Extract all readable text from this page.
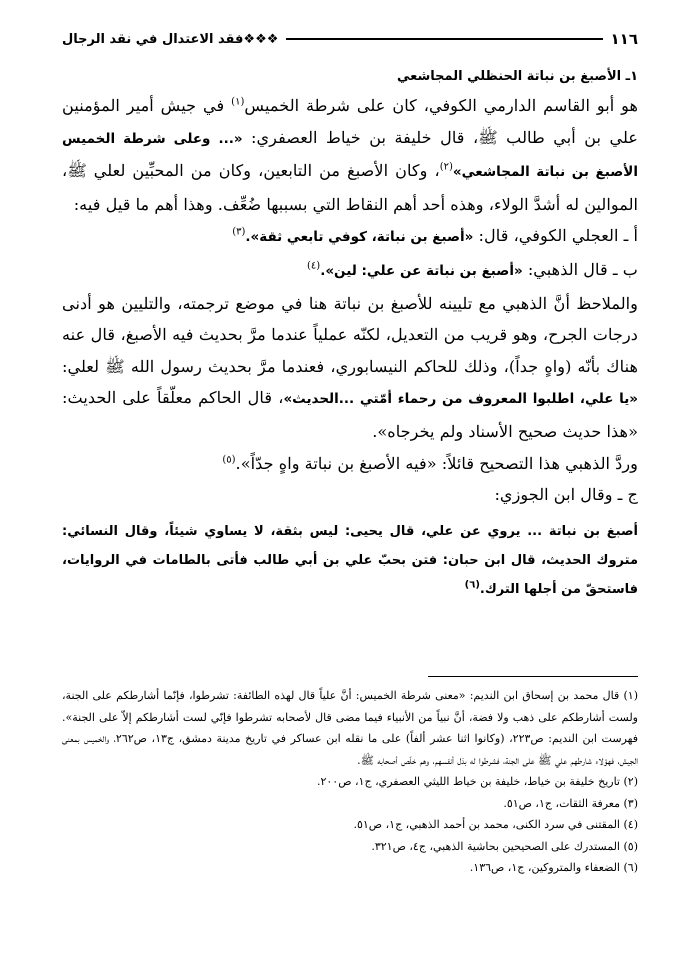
١١٦
❖❖❖فقد الاعتدال في نقد الرجال

١ـ الأصبغ بن نباتة الحنظلي المجاشعي

هو أبو القاسم الدارمي الكوفي، كان على شرطة الخميس$^{(١)}$ في جيش أمير المؤمنين علي بن أبي طالب ﷺ، قال خليفة بن خياط العصفري: «... وعلى شرطة الخميس الأصبغ بن نباتة المجاشعي»$^{(٢)}$، وكان الأصبغ من التابعين، وكان من المحبِّين لعلي ﷺ، الموالين له أشدَّ الولاء، وهذه أحد أهم النقاط التي بسببها ضُعِّف. وهذا أهم ما قيل فيه:

أ ـ العجلي الكوفي، قال: «أصبغ بن نباتة، كوفي تابعي ثقة».$^{(٣)}$

ب ـ قال الذهبي: «أصبغ بن نباتة عن علي: لين».$^{(٤)}$

والملاحظ أنَّ الذهبي مع تليينه للأصبغ بن نباتة هنا في موضع ترجمته، والتليين هو أدنى درجات الجرح، وهو قريب من التعديل، لكنّه عملياً عندما مرَّ بحديث فيه الأصبغ، قال عنه هناك بأنّه (واهٍ جداً)، وذلك للحاكم النيسابوري، فعندما مرَّ بحديث رسول الله ﷺ لعلي: «يا علي، اطلبوا المعروف من رحماء أمّتي ...الحديث»، قال الحاكم معلّقاً على الحديث: «هذا حديث صحيح الأسناد ولم يخرجاه».

وردَّ الذهبي هذا التصحيح قائلاً: «فيه الأصبغ بن نباتة واهٍ جدّاً».$^{(٥)}$

ج ـ وقال ابن الجوزي:

أصبغ بن نباتة ... يروي عن علي، قال يحيى: ليس بثقة، لا يساوي شيئاً، وقال النسائي: متروك الحديث، قال ابن حبان: فتن بحبّ علي بن أبي طالب فأتى بالطامات في الروايات، فاستحقّ من أجلها الترك.$^{(٦)}$

(١) قال محمد بن إسحاق ابن النديم: «معنى شرطة الخميس: أنَّ علياً قال لهذه الطائفة: تشرطوا، فإنّما أشارطكم على الجنة، ولست أشارطكم على ذهب ولا فضة، أنَّ نبياً من الأنبياء فيما مضى قال لأصحابه تشرطوا فإنّي لست أشارطكم إلاّ على الجنة». فهرست ابن النديم: ص٢٢٣، (وكانوا اثنا عشر ألفاً) على ما نقله ابن عساكر في تاريخ مدينة دمشق، ج١٣، ص٢٦٢، والخميس بمعنى الجيش، فهؤلاء شارطهم علي ﷺ على الجنة، فشرطوا له بذل أنفسهم، وهم خلّص أصحابه ﷺ.

(٢) تاريخ خليفة بن خياط، خليفة بن خياط الليثي العصفري، ج١، ص٢٠٠.

(٣) معرفة الثقات، ج١، ص٥١.

(٤) المقتنى في سرد الكنى، محمد بن أحمد الذهبي، ج١، ص٥١.

(٥) المستدرك على الصحيحين بحاشية الذهبي، ج٤، ص٣٢١.

(٦) الضعفاء والمتروكين، ج١، ص١٣٦.
